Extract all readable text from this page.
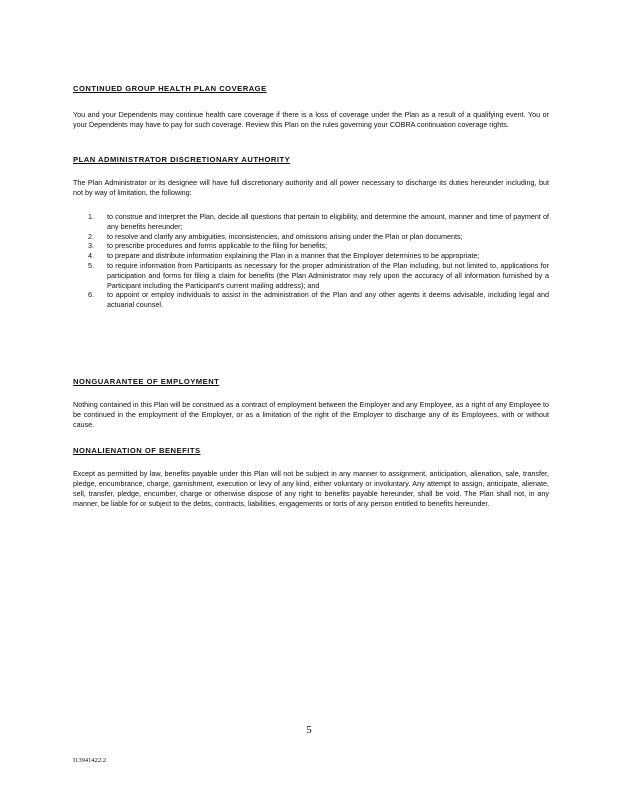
CONTINUED GROUP HEALTH PLAN COVERAGE
You and your Dependents may continue health care coverage if there is a loss of coverage under the Plan as a result of a qualifying event. You or your Dependents may have to pay for such coverage. Review this Plan on the rules governing your COBRA continuation coverage rights.
PLAN ADMINISTRATOR DISCRETIONARY AUTHORITY
The Plan Administrator or its designee will have full discretionary authority and all power necessary to discharge its duties hereunder including, but not by way of limitation, the following:
1. to construe and interpret the Plan, decide all questions that pertain to eligibility, and determine the amount, manner and time of payment of any benefits hereunder;
2. to resolve and clarify any ambiguities, inconsistencies, and omissions arising under the Plan or plan documents;
3. to prescribe procedures and forms applicable to the filing for benefits;
4. to prepare and distribute information explaining the Plan in a manner that the Employer determines to be appropriate;
5. to require information from Participants as necessary for the proper administration of the Plan including, but not limited to, applications for participation and forms for filing a claim for benefits (the Plan Administrator may rely upon the accuracy of all information furnished by a Participant including the Participant's current mailing address); and
6. to appoint or employ individuals to assist in the administration of the Plan and any other agents it deems advisable, including legal and actuarial counsel.
NONGUARANTEE OF EMPLOYMENT
Nothing contained in this Plan will be construed as a contract of employment between the Employer and any Employee, as a right of any Employee to be continued in the employment of the Employer, or as a limitation of the right of the Employer to discharge any of its Employees, with or without cause.
NONALIENATION OF BENEFITS
Except as permitted by law, benefits payable under this Plan will not be subject in any manner to assignment, anticipation, alienation, sale, transfer, pledge, encumbrance, charge, garnishment, execution or levy of any kind, either voluntary or involuntary. Any attempt to assign, anticipate, alienate, sell, transfer, pledge, encumber, charge or otherwise dispose of any right to benefits payable hereunder, shall be void. The Plan shall not, in any manner, be liable for or subject to the debts, contracts, liabilities, engagements or torts of any person entitled to benefits hereunder.
5
I13941422.2
